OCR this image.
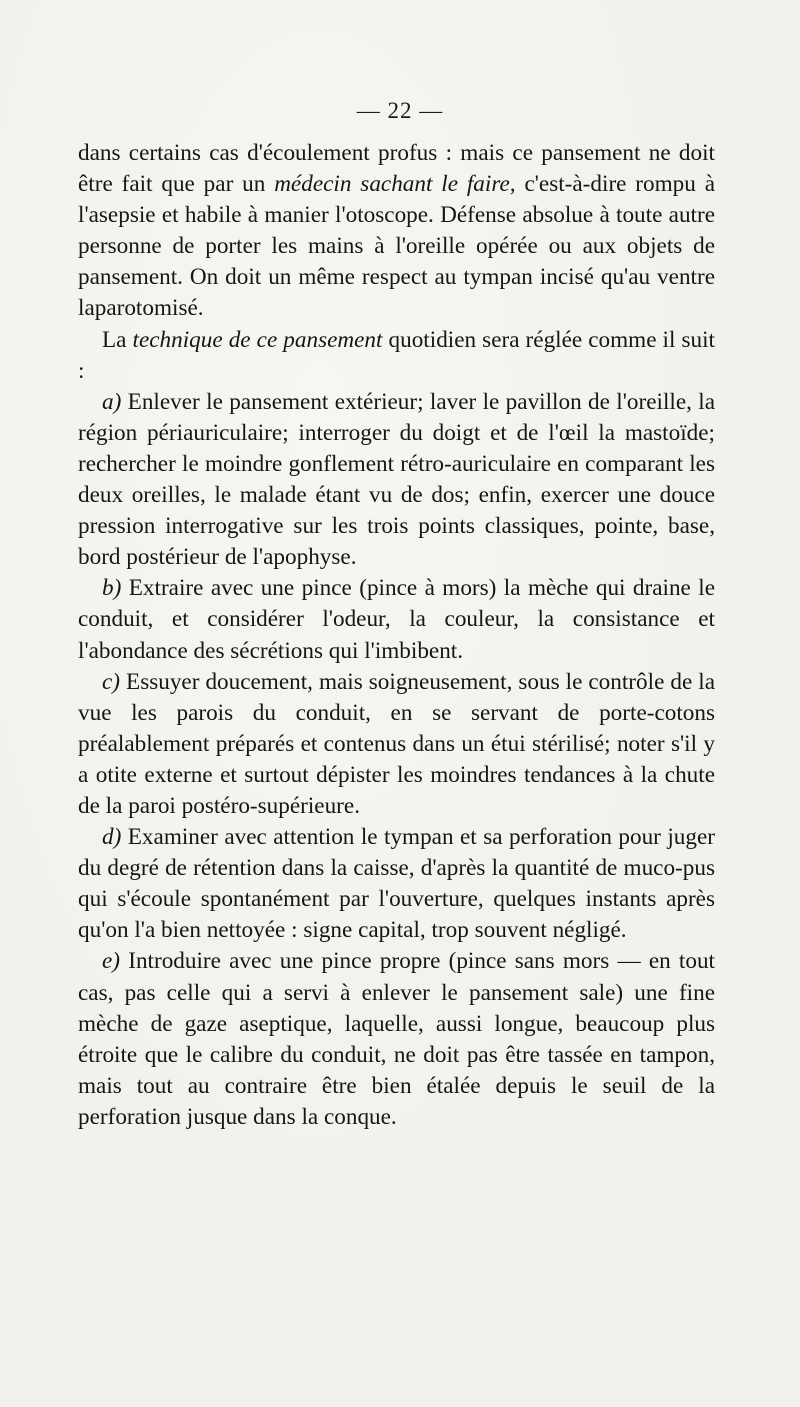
— 22 —

dans certains cas d'écoulement profus : mais ce pansement ne doit être fait que par un médecin sachant le faire, c'est-à-dire rompu à l'asepsie et habile à manier l'otoscope. Défense absolue à toute autre personne de porter les mains à l'oreille opérée ou aux objets de pansement. On doit un même respect au tympan incisé qu'au ventre laparotomisé.

La technique de ce pansement quotidien sera réglée comme il suit :

a) Enlever le pansement extérieur; laver le pavillon de l'oreille, la région périauriculaire; interroger du doigt et de l'œil la mastoïde; rechercher le moindre gonflement rétro-auriculaire en comparant les deux oreilles, le malade étant vu de dos; enfin, exercer une douce pression interrogative sur les trois points classiques, pointe, base, bord postérieur de l'apophyse.

b) Extraire avec une pince (pince à mors) la mèche qui draine le conduit, et considérer l'odeur, la couleur, la consistance et l'abondance des sécrétions qui l'imbibent.

c) Essuyer doucement, mais soigneusement, sous le contrôle de la vue les parois du conduit, en se servant de porte-cotons préalablement préparés et contenus dans un étui stérilisé; noter s'il y a otite externe et surtout dépister les moindres tendances à la chute de la paroi postéro-supérieure.

d) Examiner avec attention le tympan et sa perforation pour juger du degré de rétention dans la caisse, d'après la quantité de muco-pus qui s'écoule spontanément par l'ouverture, quelques instants après qu'on l'a bien nettoyée : signe capital, trop souvent négligé.

e) Introduire avec une pince propre (pince sans mors — en tout cas, pas celle qui a servi à enlever le pansement sale) une fine mèche de gaze aseptique, laquelle, aussi longue, beaucoup plus étroite que le calibre du conduit, ne doit pas être tassée en tampon, mais tout au contraire être bien étalée depuis le seuil de la perforation jusque dans la conque.
